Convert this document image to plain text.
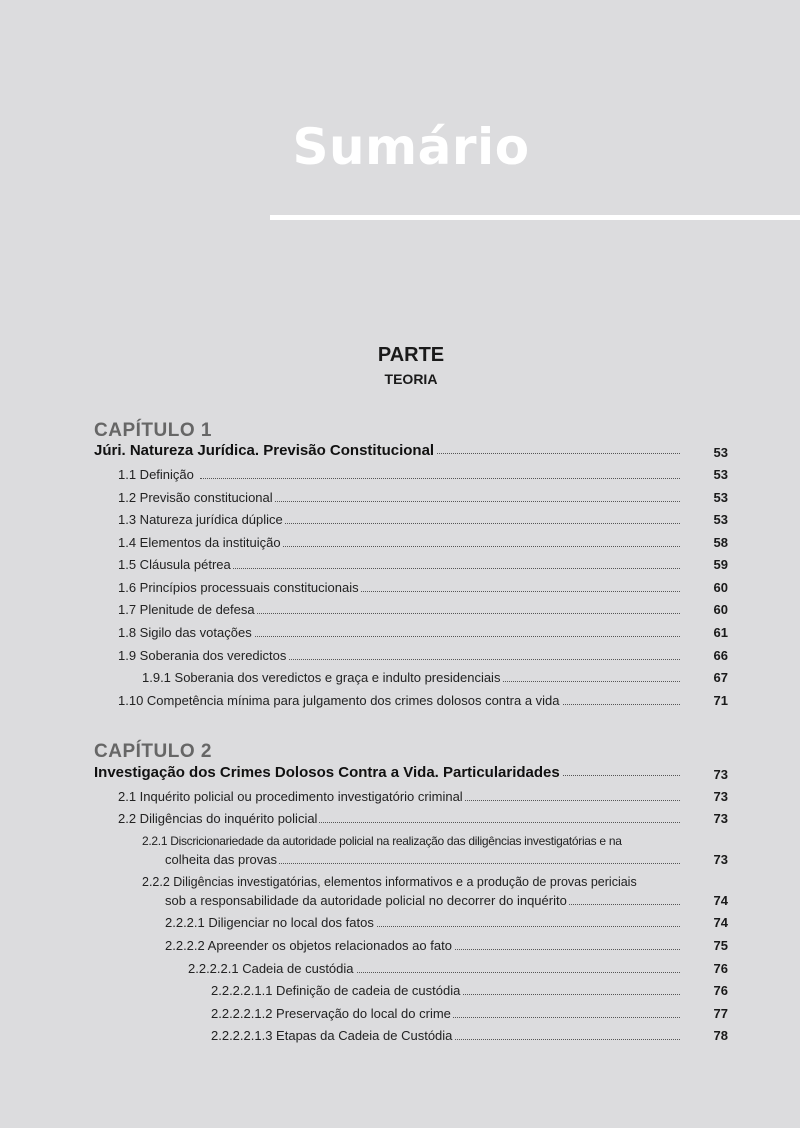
Sumário
PARTE
TEORIA
CAPÍTULO 1
Júri. Natureza Jurídica. Previsão Constitucional	53
1.1 Definição	53
1.2 Previsão constitucional	53
1.3 Natureza jurídica dúplice	53
1.4 Elementos da instituição	58
1.5 Cláusula pétrea	59
1.6 Princípios processuais constitucionais	60
1.7 Plenitude de defesa	60
1.8 Sigilo das votações	61
1.9 Soberania dos veredictos	66
1.9.1 Soberania dos veredictos e graça e indulto presidenciais	67
1.10 Competência mínima para julgamento dos crimes dolosos contra a vida	71
CAPÍTULO 2
Investigação dos Crimes Dolosos Contra a Vida. Particularidades	73
2.1 Inquérito policial ou procedimento investigatório criminal	73
2.2 Diligências do inquérito policial	73
2.2.1 Discricionariedade da autoridade policial na realização das diligências investigatórias e na
colheita das provas	73
2.2.2 Diligências investigatórias, elementos informativos e a produção de provas periciais
sob a responsabilidade da autoridade policial no decorrer do inquérito	74
2.2.2.1 Diligenciar no local dos fatos	74
2.2.2.2 Apreender os objetos relacionados ao fato	75
2.2.2.2.1 Cadeia de custódia	76
2.2.2.2.1.1 Definição de cadeia de custódia	76
2.2.2.2.1.2 Preservação do local do crime	77
2.2.2.2.1.3 Etapas da Cadeia de Custódia	78
